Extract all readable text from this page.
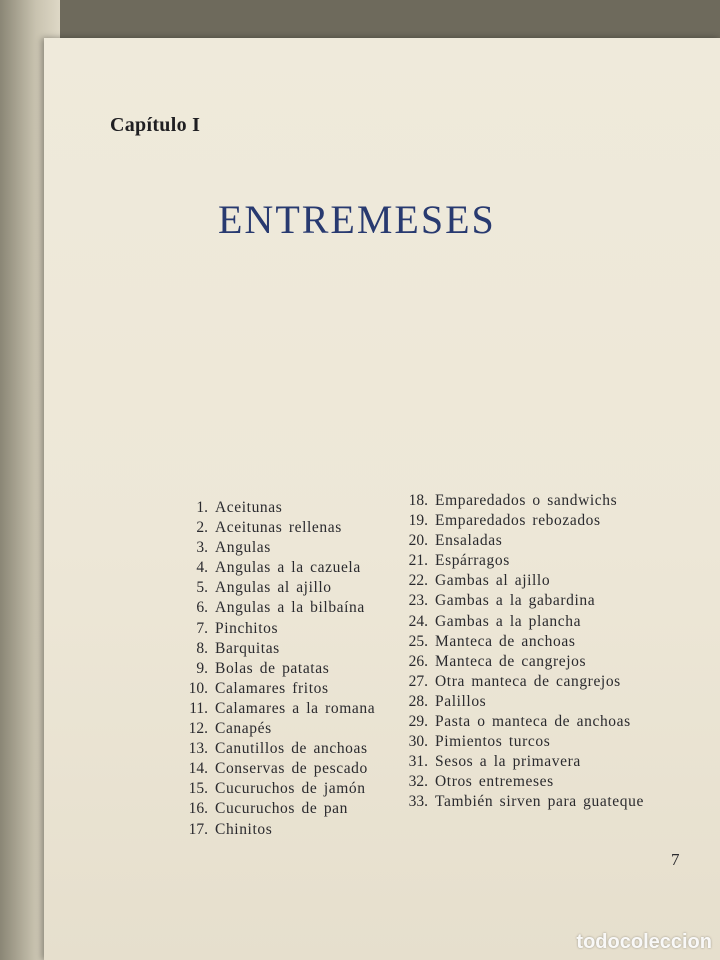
Capítulo I
ENTREMESES
1. Aceitunas
2. Aceitunas rellenas
3. Angulas
4. Angulas a la cazuela
5. Angulas al ajillo
6. Angulas a la bilbaína
7. Pinchitos
8. Barquitas
9. Bolas de patatas
10. Calamares fritos
11. Calamares a la romana
12. Canapés
13. Canutillos de anchoas
14. Conservas de pescado
15. Cucuruchos de jamón
16. Cucuruchos de pan
17. Chinitos
18. Emparedados o sandwichs
19. Emparedados rebozados
20. Ensaladas
21. Espárragos
22. Gambas al ajillo
23. Gambas a la gabardina
24. Gambas a la plancha
25. Manteca de anchoas
26. Manteca de cangrejos
27. Otra manteca de cangrejos
28. Palillos
29. Pasta o manteca de anchoas
30. Pimientos turcos
31. Sesos a la primavera
32. Otros entremeses
33. También sirven para guateque
7
todocoleccion
